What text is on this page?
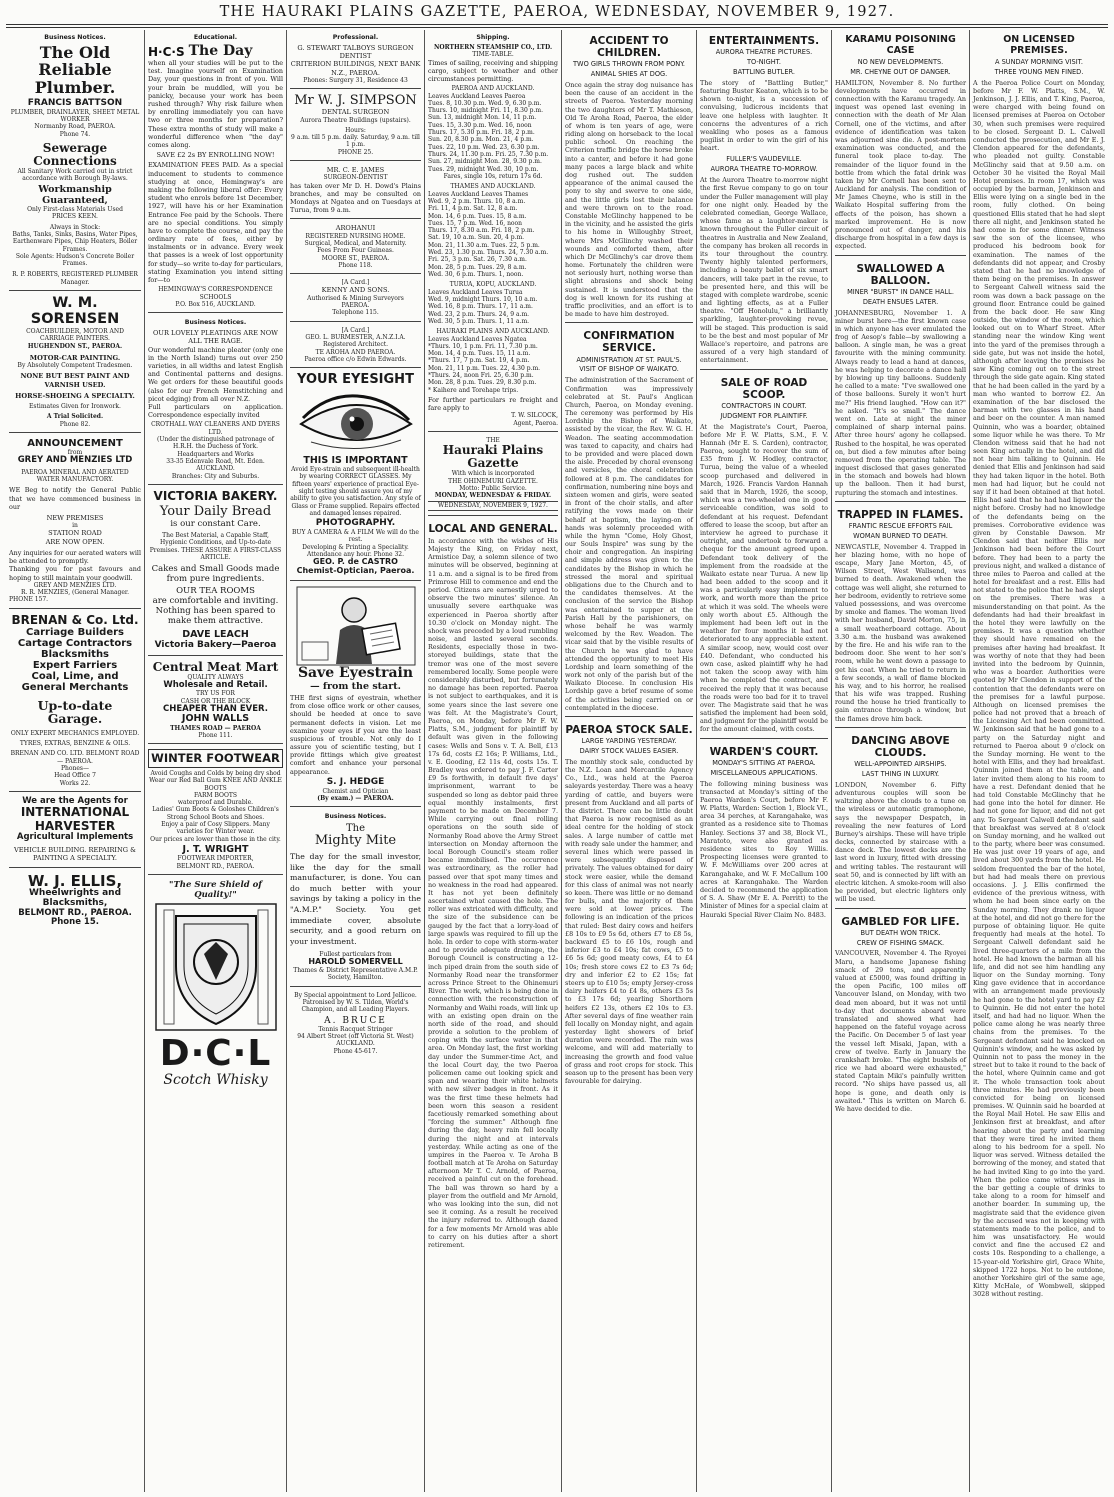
THE HAURAKI PLAINS GAZETTE, PAEROA, WEDNESDAY, NOVEMBER 9, 1927.
Business Notices.
The Old Reliable Plumber.
FRANCIS BATTSON
PLUMBER, DRAINLAYER, SHEET METAL WORKER
Normanby Road, PAEROA.
Phone 74.
Sewerage Connections
All Sanitary Work carried out in strict accordance with Borough By-laws.
Workmanship Guaranteed,
Only First-class Materials Used
PRICES KEEN.
Always in Stock:
Baths, Tanks, Sinks, Basins, Water Pipes, Earthenware Pipes, Chip Heaters, Boiler Frames.
Sole Agents: Hudson's Concrete Boiler Frames.
R. P. ROBERTS, REGISTERED PLUMBER
Manager.
W. M. SORENSEN
COACHBUILDER, MOTOR AND CARRIAGE PAINTERS.
HUGHENDON ST., PAEROA.
MOTOR-CAR PAINTING.
By Absolutely Competent Tradesmen.
NONE BUT BEST PAINT AND VARNISH USED.
HORSE-SHOEING A SPECIALTY.
Estimates Given for Ironwork.
A Trial Solicited.
Phone 82.
ANNOUNCEMENT
from
GREY AND MENZIES LTD
PAEROA MINERAL AND AERATED WATER MANUFACTORY.

WE Beg to notify the General Public that we have commenced business in our

NEW PREMISES
in
STATION ROAD
ARE NOW OPEN.

Any inquiries for our aerated waters will be attended to promptly.

Thanking you for past favours and hoping to still maintain your goodwill.

GREY AND MENZIES LTD.
R. R. MENZIES, (General Manager.
PHONE 157.
BRENAN & Co. Ltd.
Carriage Builders
Cartage Contractors
Blacksmiths
Expert Farriers
Coal, Lime, and
General Merchants
Up-to-date Garage.
ONLY EXPERT MECHANICS EMPLOYED.
TYRES, EXTRAS, BENZINE & OILS.
BRENAN AND CO. LTD. BELMONT ROAD — PAEROA.
Phones—
Head Office 7
Works 22.
We are the Agents for
INTERNATIONAL HARVESTER
Agricultural Implements
VEHICLE BUILDING. REPAIRING & PAINTING A SPECIALTY.
W. J. ELLIS,
Wheelwrights and Blacksmiths,
BELMONT RD., PAEROA.
Phone 15.
Educational.
H·C·S The Day

when all your studies will be put to the test. Imagine yourself on Examination Day, your questions in front of you. Will your brain be muddled, will you be panicky, because your work has been rushed through? Why risk failure when by enrolling immediately you can have two or three months for preparation? These extra months of study will make a wonderful difference when "the day" comes along.

SAVE £2 2s BY ENROLLING NOW!

EXAMINATION FEES PAID. As a special inducement to students to commence studying at once, Hemingway's are making the following liberal offer: Every student who enrols before 1st December, 1927, will have his or her Examination Entrance Fee paid by the Schools. There are no special conditions. You simply have to complete the course, and pay the ordinary rate of fees, either by instalments or in advance. Every week that passes is a week of lost opportunity for study—so write to-day for particulars, stating Examination you intend sitting for—to

HEMINGWAY'S CORRESPONDENCE SCHOOLS
P.O. Box 516, AUCKLAND.
Business Notices.
OUR LOVELY PLEATINGS ARE NOW ALL THE RAGE.

Our wonderful machine pleater (only one in the North Island) turns out over 250 varieties, in all widths and latest English and Continental patterns and designs. We get orders for these beautiful goods (also for our French Hemstitching and picot edging) from all over N.Z.

Full particulars on application. Correspondence especially invited

CROTHALL WAY CLEANERS AND DYERS LTD.
(Under the distinguished patronage of H.R.H. the Duchess of York.
Headquarters and Works
33-35 Edenvale Road, Mt. Eden. AUCKLAND.
Branches: City and Suburbs.
VICTORIA BAKERY.
Your Daily Bread
is our constant Care.
The Best Material, a Capable Staff, Hygienic Conditions, and Up-to-date Premises. THESE ASSURE A FIRST-CLASS ARTICLE.
Cakes and Small Goods made from pure ingredients.
OUR TEA ROOMS
are comfortable and inviting. Nothing has been spared to make them attractive.
DAVE LEACH
Victoria Bakery—Paeroa
Central Meat Mart
QUALITY ALWAYS
Wholesale and Retail.
TRY US FOR
CASH OR THE BLOCK
CHEAPER THAN EVER.
JOHN WALLS
THAMES ROAD — PAEROA
Phone 111.
WINTER FOOTWEAR
Avoid Coughs and Colds by being dry shod
Wear our Red Ball Gum KNEE AND ANKLE BOOTS
FARM BOOTS
waterproof and Durable.
Ladies' Gum Boots & Goloshes Children's Strong School Boots and Shoes.
Enjoy a pair of Cosy Slippers. Many varieties for Winter wear.
Our prices are lower than those in the city.
J. T. WRIGHT
FOOTWEAR IMPORTER,
BELMONT RD., PAEROA.
"The Sure Shield of Quality!"
D·C·L
Scotch Whisky
Professional.
G. STEWART TALBOYS SURGEON DENTIST
CRITERION BUILDINGS, NEXT BANK N.Z., PAEROA.
Phones: Surgery 31, Residence 43
Mr W. J. SIMPSON
DENTAL SURGEON
Aurora Theatre Buildings (upstairs).
Hours:
9 a.m. till 5 p.m. daily. Saturday, 9 a.m. till 1 p.m.
PHONE 25.
MR. C. E. JAMES
SURGEON-DENTIST

has taken over Mr D. H. Dowd's Plains branches, and may be consulted on Mondays at Ngatea and on Tuesdays at Turua, from 9 a.m.

AROHANUI
REGISTERED NURSING HOME.
Surgical, Medical, and Maternity.
Fees From Four Guineas.
MOORE ST., PAEROA.
Phone 118.
[A Card.]
KENNY AND SONS.
Authorised & Mining Surveyors
PAEROA.
Telephone 115.
[A Card.]
GEO. L. BURMESTER, A.N.Z.I.A.
Registered Architect.
TE AROHA AND PAEROA.
Paeroa office c/o Edwin Edwards.
YOUR EYESIGHT
THIS IS IMPORTANT
Avoid Eye-strain and subsequent ill-health by wearing CORRECT GLASSES. My fifteen years' experience of practical Eye-sight testing should assure you of my ability to give you satisfaction. Any style of Glass or Frame supplied. Repairs effected and damaged lenses repaired.
PHOTOGRAPHY.
BUY A CAMERA & A FILM We will do the rest.
Developing & Printing a Speciality. Attendance any hour. Phone 32.
GEO. P. de CASTRO
Chemist-Optician, Paeroa.
Save Eyestrain
— from the start.

THE first signs of eyestrain, whether from close office work or other causes, should be heeded at once to save permanent defects in vision. Let me examine your eyes if you are the least suspicious of trouble. Not only do I assure you of scientific testing, but I provide fittings which give greatest comfort and enhance your personal appearance.

S. J. HEDGE
Chemist and Optician
(By exam.) — PAEROA.
Business Notices.
The
Mighty Mite

The day for the small investor, like the day for the small manufacturer, is done. You can do much better with your savings by taking a policy in the "A.M.P." Society. You get immediate cover, absolute security, and a good return on your investment.

Fullest particulars from
HAROLD SOMERVELL
Thames & District Representative A.M.P. Society, Hamilton.
By Special appointment to Lord Jellicoe. Patronised by W. S. Tilden, World's Champion, and all Leading Players.
A. BRUCE
Tennis Racquet Stringer
94 Albert Street (off Victoria St. West) AUCKLAND.
Phone 45-617.
Shipping.
NORTHERN STEAMSHIP CO., LTD.
TIME-TABLE.

Times of sailing, receiving and shipping cargo, subject to weather and other circumstances permitting.

PAEROA AND AUCKLAND.
Leaves Auckland Leaves Paeroa
Tues. 8, 10.30 p.m. Wed. 9, 6.30 p.m.
Thurs. 10, midnight Fri. 11, 8.30 p.m.
Sun. 13, midnight Mon. 14, 11 p.m.
Tues. 15, 3.30 p.m. Wed. 16, noon
Thurs. 17, 5.30 p.m. Fri. 18, 2 p.m.
Sun. 20, 8.30 p.m. Mon. 21, 4 p.m.
Tues. 22, 10 p.m. Wed. 23, 6.30 p.m.
Thurs. 24, 11.30 p.m. Fri. 25, 7.30 p.m.
Sun. 27, midnight Mon. 28, 9.30 p.m.
Tues. 29, midnight Wed. 30, 10 p.m.
Fares, single 10s, return 17s 6d.
THAMES AND AUCKLAND.
Leaves Auckland Leaves Thames
Wed. 9, 2 p.m. Thurs. 10, 8 a.m.
Fri. 11, 4 p.m. Sat. 12, 8 a.m.
Mon. 14, 6 p.m. Tues. 15, 8 a.m.
Tues. 15, 7 p.m. Wed. 16, noon
Thurs. 17, 8.30 a.m. Fri. 18, 2 p.m.
Sat. 19, 10 a.m. Sun. 20, 4 p.m.
Mon. 21, 11.30 a.m. Tues. 22, 5 p.m.
Wed. 23, 1.30 p.m. Thurs. 24, 7.30 a.m.
Fri. 25, 3 p.m. Sat. 26, 7.30 a.m.
Mon. 28, 5 p.m. Tues. 29, 8 a.m.
Wed. 30, 6 p.m. Thurs. 1, noon.
TURUA, KOPU, AUCKLAND.
Leaves Auckland Leaves Turua
Wed. 9, midnight Thurs. 10, 10 a.m.
Wed. 16, 8 p.m. Thurs. 17, 11 a.m.
Wed. 23, 2 p.m. Thurs. 24, 9 a.m.
Wed. 30, 5 p.m. Thurs. 1, 11 a.m.
HAURAKI PLAINS AND AUCKLAND.
Leaves Auckland Leaves Ngatea
*Thurs. 10, 1 p.m. Fri. 11, 7.30 p.m.
Mon. 14, 4 p.m. Tues. 15, 11 a.m.
*Thurs. 17, 7 p.m. Sat. 19, 4 p.m.
Mon. 21, 11 p.m. Tues. 22, 4.30 p.m.
*Thurs. 24, noon Fri. 25, 6.30 p.m.
Mon. 28, 8 p.m. Tues. 29, 8.30 p.m.
* Kaihere and Torehape trips.

For further particulars re freight and fare apply to

T. W. SILCOCK,
Agent, Paeroa.
THE
Hauraki Plains Gazette
With which is incorporated
THE OHINEMURI GAZETTE.
Motto: Public Service.
MONDAY, WEDNESDAY & FRIDAY.
WEDNESDAY, NOVEMBER 9, 1927.
LOCAL AND GENERAL.

In accordance with the wishes of His Majesty the King, on Friday next, Armistice Day, a solemn silence of two minutes will be observed, beginning at 11 a.m. and a signal is to be fired from Primrose Hill to commence and end the period. Citizens are earnestly urged to observe the two minutes' silence. An unusually severe earthquake was experienced in Paeroa shortly after 10.30 o'clock on Monday night. The shock was preceded by a loud rumbling noise, and lasted several seconds. Residents, especially those in two-storeyed buildings, state that the tremor was one of the most severe remembered locally. Some people were considerably disturbed, but fortunately no damage has been reported. Paeroa is not subject to earthquakes, and it is some years since the last severe one was felt. At the Magistrate's Court, Paeroa, on Monday, before Mr F. W. Platts, S.M., judgment for plaintiff by default was given in the following cases: Wells and Sons v. T. A. Bell, £13 17s 6d, costs £2 16s; P. Williams, Ltd., v. E. Gooding, £2 11s 4d, costs 15s. T. Bradley was ordered to pay J. F. Carter £9 5s forthwith, in default five days' imprisonment, warrant to be suspended so long as debtor paid three equal monthly instalments, first payment to be made on December 7. While carrying out final rolling operations on the south side of Normanby Road above the Army Street intersection on Monday afternoon the local Borough Council's steam roller became immobilised. The occurrence was extraordinary, as the roller had passed over that spot many times and no weakness in the road had appeared. It has not yet been definitely ascertained what caused the hole. The roller was extricated with difficulty, and the size of the subsidence can be gauged by the fact that a lorry-load of large spawls was required to fill up the hole. In order to cope with storm-water and to provide adequate drainage, the Borough Council is constructing a 12-inch piped drain from the south side of Normanby Road near the transformer across Prince Street to the Ohinemuri River. The work, which is being done in connection with the reconstruction of Normanby and Waihi roads, will link up with an existing open drain on the north side of the road, and should provide a solution to the problem of coping with the surface water in that area. On Monday last, the first working day under the Summer-time Act, and the local Court day, the two Paeroa policemen came out looking spick and span and wearing their white helmets with new silver badges in front. As it was the first time these helmets had been worn this season a resident facetiously remarked something about "forcing the summer." Although fine during the day, heavy rain fell locally during the night and at intervals yesterday. While acting as one of the umpires in the Paeroa v. Te Aroha B football match at Te Aroha on Saturday afternoon Mr T. C. Arnold, of Paeroa, received a painful cut on the forehead. The ball was thrown so hard by a player from the outfield and Mr Arnold, who was looking into the sun, did not see it coming. As a result he received the injury referred to. Although dazed for a few moments Mr Arnold was able to carry on his duties after a short retirement.

ACCIDENT TO CHILDREN.
TWO GIRLS THROWN FROM PONY.
ANIMAL SHIES AT DOG.

Once again the stray dog nuisance has been the cause of an accident in the streets of Paeroa. Yesterday morning the two daughters of Mr T. Mathieson, Old Te Aroha Road, Paeroa, the elder of whom is ten years of age, were riding along on horseback to the local public school. On reaching the Criterion traffic bridge the horse broke into a canter, and before it had gone many paces a large black and white dog rushed out. The sudden appearance of the animal caused the pony to shy and swerve to one side, and the little girls lost their balance and were thrown on to the road. Constable McGlinchy happened to be in the vicinity, and he assisted the girls to his home in Willoughby Street, where Mrs McGlinchy washed their wounds and comforted them, after which Dr McGlinchy's car drove them home. Fortunately the children were not seriously hurt, nothing worse than slight abrasions and shock being sustained. It is understood that the dog is well known for its rushing at traffic proclivities, and an effort is to be made to have him destroyed.

CONFIRMATION SERVICE.
ADMINISTRATION AT ST. PAUL'S.
VISIT OF BISHOP OF WAIKATO.

The administration of the Sacrament of Confirmation was impressively celebrated at St. Paul's Anglican Church, Paeroa, on Monday evening. The ceremony was performed by His Lordship the Bishop of Waikato, assisted by the vicar, the Rev. W. G. H. Weadon. The seating accommodation was taxed to capacity, and chairs had to be provided and were placed down the aisle. Preceded by choral evensong and versicles, the choral celebration followed at 8 p.m. The candidates for confirmation, numbering nine boys and sixteen women and girls, were seated in front of the choir stalls, and after ratifying the vows made on their behalf at baptism, the laying-on of hands was solemnly proceeded with while the hymn "Come, Holy Ghost, our Souls Inspire" was sung by the choir and congregation. An inspiring and simple address was given to the candidates by the Bishop in which he stressed the moral and spiritual obligations due to the Church and to the candidates themselves. At the conclusion of the service the Bishop was entertained to supper at the Parish Hall by the parishioners, on whose behalf he was warmly welcomed by the Rev. Weadon. The vicar said that by the visible results of the Church he was glad to have attended the opportunity to meet His Lordship and learn something of the work not only of the parish but of the Waikato Diocese. In conclusion His Lordship gave a brief resume of some of the activities being carried on or contemplated in the diocese.

PAEROA STOCK SALE.
LARGE YARDING YESTERDAY.
DAIRY STOCK VALUES EASIER.

The monthly stock sale, conducted by the N.Z. Loan and Mercantile Agency Co., Ltd., was held at the Paeroa saleyards yesterday. There was a heavy yarding of cattle, and buyers were present from Auckland and all parts of the district. There can be little doubt that Paeroa is now recognised as an ideal centre for the holding of stock sales. A large number of cattle met with ready sale under the hammer, and several lines which were passed in were subsequently disposed of privately. The values obtained for dairy stock were easier, while the demand for this class of animal was not nearly so keen. There was little or no demand for bulls, and the majority of them were sold at lower prices. The following is an indication of the prices that ruled: Best dairy cows and heifers £8 10s to £9 5s 6d, others £7 to £8 5s, backward £5 to £6 10s, rough and inferior £3 to £4 10s; fat cows, £5 to £6 5s 6d; good meaty cows, £4 to £4 10s; fresh store cows £2 to £3 7s 6d; dry and inferior £2 to £2 15s; fat steers up to £10 5s; empty Jersey-cross dairy heifers £4 to £4 8s, others £3 5s to £3 17s 6d; yearling Shorthorn heifers £2 13s, others £2 10s to £3. After several days of fine weather rain fell locally on Monday night, and again yesterday light showers of brief duration were recorded. The rain was welcome, and will add materially to increasing the growth and food value of grass and root crops for stock. This season up to the present has been very favourable for dairying.

ENTERTAINMENTS.
AURORA THEATRE PICTURES.
TO-NIGHT.
BATTLING BUTLER.

The story of "Battling Butler," featuring Buster Keaton, which is to be shown to-night, is a succession of convulsing, ludicrous incidents that leave one helpless with laughter. It concerns the adventures of a rich weakling who poses as a famous pugilist in order to win the girl of his heart.

FULLER'S VAUDEVILLE.
AURORA THEATRE TO-MORROW.

At the Aurora Theatre to-morrow night the first Revue company to go on tour under the Fuller management will play for one night only. Headed by the celebrated comedian, George Wallace, whose fame as a laughter-maker is known throughout the Fuller circuit of theatres in Australia and New Zealand, the company has broken all records in its tour throughout the country. Twenty highly talented performers, including a beauty ballet of six smart dancers, will take part in the revue, to be presented here, and this will be staged with complete wardrobe, scenic and lighting effects, as at a Fuller theatre. "Off Honolulu," a brilliantly sparkling, laughter-provoking revue, will be staged. This production is said to be the best and most popular of Mr Wallace's repertoire, and patrons are assured of a very high standard of entertainment.

SALE OF ROAD SCOOP.
CONTRACTORS IN COURT.
JUDGMENT FOR PLAINTIFF.

At the Magistrate's Court, Paeroa, before Mr F. W. Platts, S.M., F. V. Hannah (Mr E. S. Carden), contractor, Paeroa, sought to recover the sum of £35 from J. W. Hodley, contractor, Turua, being the value of a wheeled scoop purchased and delivered in March, 1926. Francis Vardon Hannah said that in March, 1926, the scoop, which was a two-wheeled one in good serviceable condition, was sold to defendant at his request. Defendant offered to lease the scoop, but after an interview he agreed to purchase it outright, and undertook to forward a cheque for the amount agreed upon. Defendant took delivery of the implement from the roadside at the Waikato estate near Turua. A new lip had been added to the scoop and it was a particularly easy implement to work, and worth more than the price at which it was sold. The wheels were only worth about £5. Although the implement had been left out in the weather for four months it had not deteriorated to any appreciable extent. A similar scoop, new, would cost over £40. Defendant, who conducted his own case, asked plaintiff why he had not taken the scoop away with him when he completed the contract, and received the reply that it was because the roads were too bad for it to travel over. The Magistrate said that he was satisfied the implement had been sold, and judgment for the plaintiff would be for the amount claimed, with costs.

WARDEN'S COURT.
MONDAY'S SITTING AT PAEROA.
MISCELLANEOUS APPLICATIONS.

The following mining business was transacted at Monday's sitting of the Paeroa Warden's Court, before Mr F. W. Platts, Warden: Section 1, Block VI., area 34 perches, at Karangahake, was granted as a residence site to Thomas Hanley. Sections 37 and 38, Block VI., Maratoto, were also granted as residence sites to Roy Willis. Prospecting licenses were granted to W. F. McWilliams over 200 acres at Karangahake, and W. F. McCallum 100 acres at Karangahake. The Warden decided to recommend the application of S. A. Shaw (Mr E. A. Perritt) to the Minister of Mines for a special claim at Hauraki Special River Claim No. 8483.

KARAMU POISONING CASE
NO NEW DEVELOPMENTS.
MR. CHEYNE OUT OF DANGER.

HAMILTON, November 8. No further developments have occurred in connection with the Karamu tragedy. An inquest was opened last evening in connection with the death of Mr Alan Cornell, one of the victims, and after evidence of identification was taken was adjourned sine die. A post-mortem examination was conducted, and the funeral took place to-day. The remainder of the liquor found in the bottle from which the fatal drink was taken by Mr Cornell has been sent to Auckland for analysis. The condition of Mr James Cheyne, who is still in the Waikato Hospital suffering from the effects of the poison, has shown a marked improvement. He is now pronounced out of danger, and his discharge from hospital in a few days is expected.

SWALLOWED A BALLOON.
MINER "BURST" IN DANCE HALL.
DEATH ENSUES LATER.

JOHANNESBURG, November 1. A miner burst here—the first known case in which anyone has ever emulated the frog of Aesop's fable—by swallowing a balloon. A single man, he was a great favourite with the mining community. Always ready to lead a hand at dances, he was helping to decorate a dance hall by blowing up tiny balloons. Suddenly he called to a mate: "I've swallowed one of those balloons. Surely it won't hurt me?" His friend laughed. "How can it?" he asked. "It's so small." The dance went on. Late at night the miner complained of sharp internal pains. After three hours' agony he collapsed. Rushed to the hospital, he was operated on, but died a few minutes after being removed from the operating table. The inquest disclosed that gases generated in the stomach and bowels had blown up the balloon. Then it had burst, rupturing the stomach and intestines.

TRAPPED IN FLAMES.
FRANTIC RESCUE EFFORTS FAIL
WOMAN BURNED TO DEATH.

NEWCASTLE, November 4. Trapped in her blazing home, with no hope of escape, Mary Jane Morton, 45, of Wilson Street, West Wallsend, was burned to death. Awakened when the cottage was well alight, she returned to her bedroom, evidently to retrieve some valued possessions, and was overcome by smoke and flames. The woman lived with her husband, David Morton, 75, in a small weatherboard cottage. About 3.30 a.m. the husband was awakened by the fire. He and his wife ran to the bedroom door. She went to her son's room, while he went down a passage to get his coat. When he tried to return in a few seconds, a wall of flame blocked his way, and to his horror, he realised that his wife was trapped. Rushing round the house he tried frantically to gain entrance through a window, but the flames drove him back.

DANCING ABOVE CLOUDS.
WELL-APPOINTED AIRSHIPS.
LAST THING IN LUXURY.

LONDON, November 6. Fifty adventurous couples will soon be waltzing above the clouds to a tune on the wireless or automatic gramophone, says the newspaper Despatch, in revealing the new features of Lord Burney's airships. These will have triple decks, connected by staircase with a dance deck. The lowest decks are the last word in luxury, fitted with dressing and writing tables. The restaurant will seat 50, and is connected by lift with an electric kitchen. A smoke-room will also be provided, but electric lighters only will be used.

GAMBLED FOR LIFE.
BUT DEATH WON TRICK.
CREW OF FISHING SMACK.

VANCOUVER, November 4. The Ryoyei Maru, a handsome Japanese fishing smack of 29 tons, and apparently valued at £5000, was found drifting in the open Pacific, 100 miles off Vancouver Island, on Monday, with two dead men aboard, but it was not until to-day that documents aboard were translated and showed what had happened on the fateful voyage across the Pacific. On December 5 of last year the vessel left Misaki, Japan, with a crew of twelve. Early in January the crankshaft broke. "The eight bushels of rice we had aboard were exhausted," stated Captain Miki's painfully written record. "No ships have passed us, all hope is gone, and death only is awaited." This is written on March 6. We have decided to die.

ON LICENSED PREMISES.
A SUNDAY MORNING VISIT.
THREE YOUNG MEN FINED.

A the Paeroa Police Court on Monday, before Mr F. W. Platts, S.M., W. Jenkinson, J. J. Ellis, and T. King, Paeroa, were charged with being found on licensed premises at Paeroa on October 30, when such premises were required to be closed. Sergeant D. L. Calwell conducted the prosecution, and Mr E. J. Clendon appeared for the defendants, who pleaded not guilty. Constable McGlinchy said that at 9.50 a.m. on October 30 he visited the Royal Mail Hotel premises. In room 17, which was occupied by the barman, Jenkinson and Ellis were lying on a single bed in the room, fully clothed. On being questioned Ellis stated that he had slept there all night, and Jenkinson stated he had come in for some dinner. Witness saw the son of the licensee, who produced his bedroom book for examination. The names of the defendants did not appear, and Crosby stated that he had no knowledge of them being on the premises. In answer to Sergeant Calwell witness said the room was down a back passage on the ground floor. Entrance could be gained from the back door. He saw King outside, the window of the room, which looked out on to Wharf Street. After standing near the window King went into the yard of the premises through a side gate, but was not inside the hotel, although after leaving the premises he saw King coming out on to the street through the side gate again. King stated that he had been called in the yard by a man who wanted to borrow £2. An examination of the bar disclosed the barman with two glasses in his hand and beer on the counter. A man named Quinnin, who was a boarder, obtained some liquor while he was there. To Mr Clendon witness said that he had not seen King actually in the hotel, and did not hear him talking to Quinnin. He denied that Ellis and Jenkinson had said they had taken liquor in the hotel. Both men had had liquor, but he could not say if it had been obtained at that hotel. Ellis had said that he had had liquor the night before. Crosby had no knowledge of the defendants being on the premises. Corroborative evidence was given by Constable Dawson. Mr Clendon said that neither Ellis nor Jenkinson had been before the Court before. They had been to a party the previous night, and walked a distance of three miles to Paeroa and called at the hotel for breakfast and a rest. Ellis had not stated to the police that he had slept on the premises. There was a misunderstanding on that point. As the defendants had had their breakfast in the hotel they were lawfully on the premises. It was a question whether they should have remained on the premises after having had breakfast. It was worthy of note that they had been invited into the bedroom by Quinnin, who was a boarder. Authorities were quoted by Mr Clendon in support of the contention that the defendants were on the premises for a lawful purpose. Although on licensed premises the police had not proved that a breach of the Licensing Act had been committed. W. Jenkinson said that he had gone to a party on the Saturday night and returned to Paeroa about 9 o'clock on the Sunday morning. He went to the hotel with Ellis, and they had breakfast. Quinnin joined them at the table, and later invited them along to his room to have a rest. Defendant denied that he had told Constable McGlinchy that he had gone into the hotel for dinner. He had not gone for liquor, and did not get any. To Sergeant Calwell defendant said that breakfast was served at 8 o'clock on Sunday morning, and he walked out to the party, where beer was consumed. He was just over 19 years of age, and lived about 300 yards from the hotel. He seldom frequented the bar of the hotel, but had had meals there on previous occasions. J. J. Ellis confirmed the evidence of the previous witness, with whom he had been since early on the Sunday morning. They drank no liquor at the hotel, and did not go there for the purpose of obtaining liquor. He quite frequently had meals at the hotel. To Sergeant Calwell defendant said he lived three-quarters of a mile from the hotel. He had known the barman all his life, and did not see him handling any liquor on the Sunday morning. Tony King gave evidence that in accordance with an arrangement made previously he had gone to the hotel yard to pay £2 to Quinnin. He did not enter the hotel itself, and had had no liquor. When the police came along he was nearly three chains from the premises. To the Sergeant defendant said he knocked on Quinnin's window, and he was asked by Quinnin not to pass the money in the street but to take it round to the back of the hotel, where Quinnin came and got it. The whole transaction took about three minutes. He had previously been convicted for being on licensed premises. W. Quinnin said he boarded at the Royal Mail Hotel. He saw Ellis and Jenkinson first at breakfast, and after hearing about the party and learning that they were tired he invited them along to his bedroom for a spell. No liquor was served. Witness detailed the borrowing of the money, and stated that he had invited King to go into the yard. When the police came witness was in the bar getting a couple of drinks to take along to a room for himself and another boarder. In summing up, the magistrate said that the evidence given by the accused was not in keeping with statements made to the police, and to him was unsatisfactory. He would convict and fine the accused £2 and costs 10s. Responding to a challenge, a 15-year-old Yorkshire girl, Grace White, skipped 1722 hops. Not to be outdone, another Yorkshire girl of the same age, Kitty McHale, of Wombwell, skipped 3028 without resting.
